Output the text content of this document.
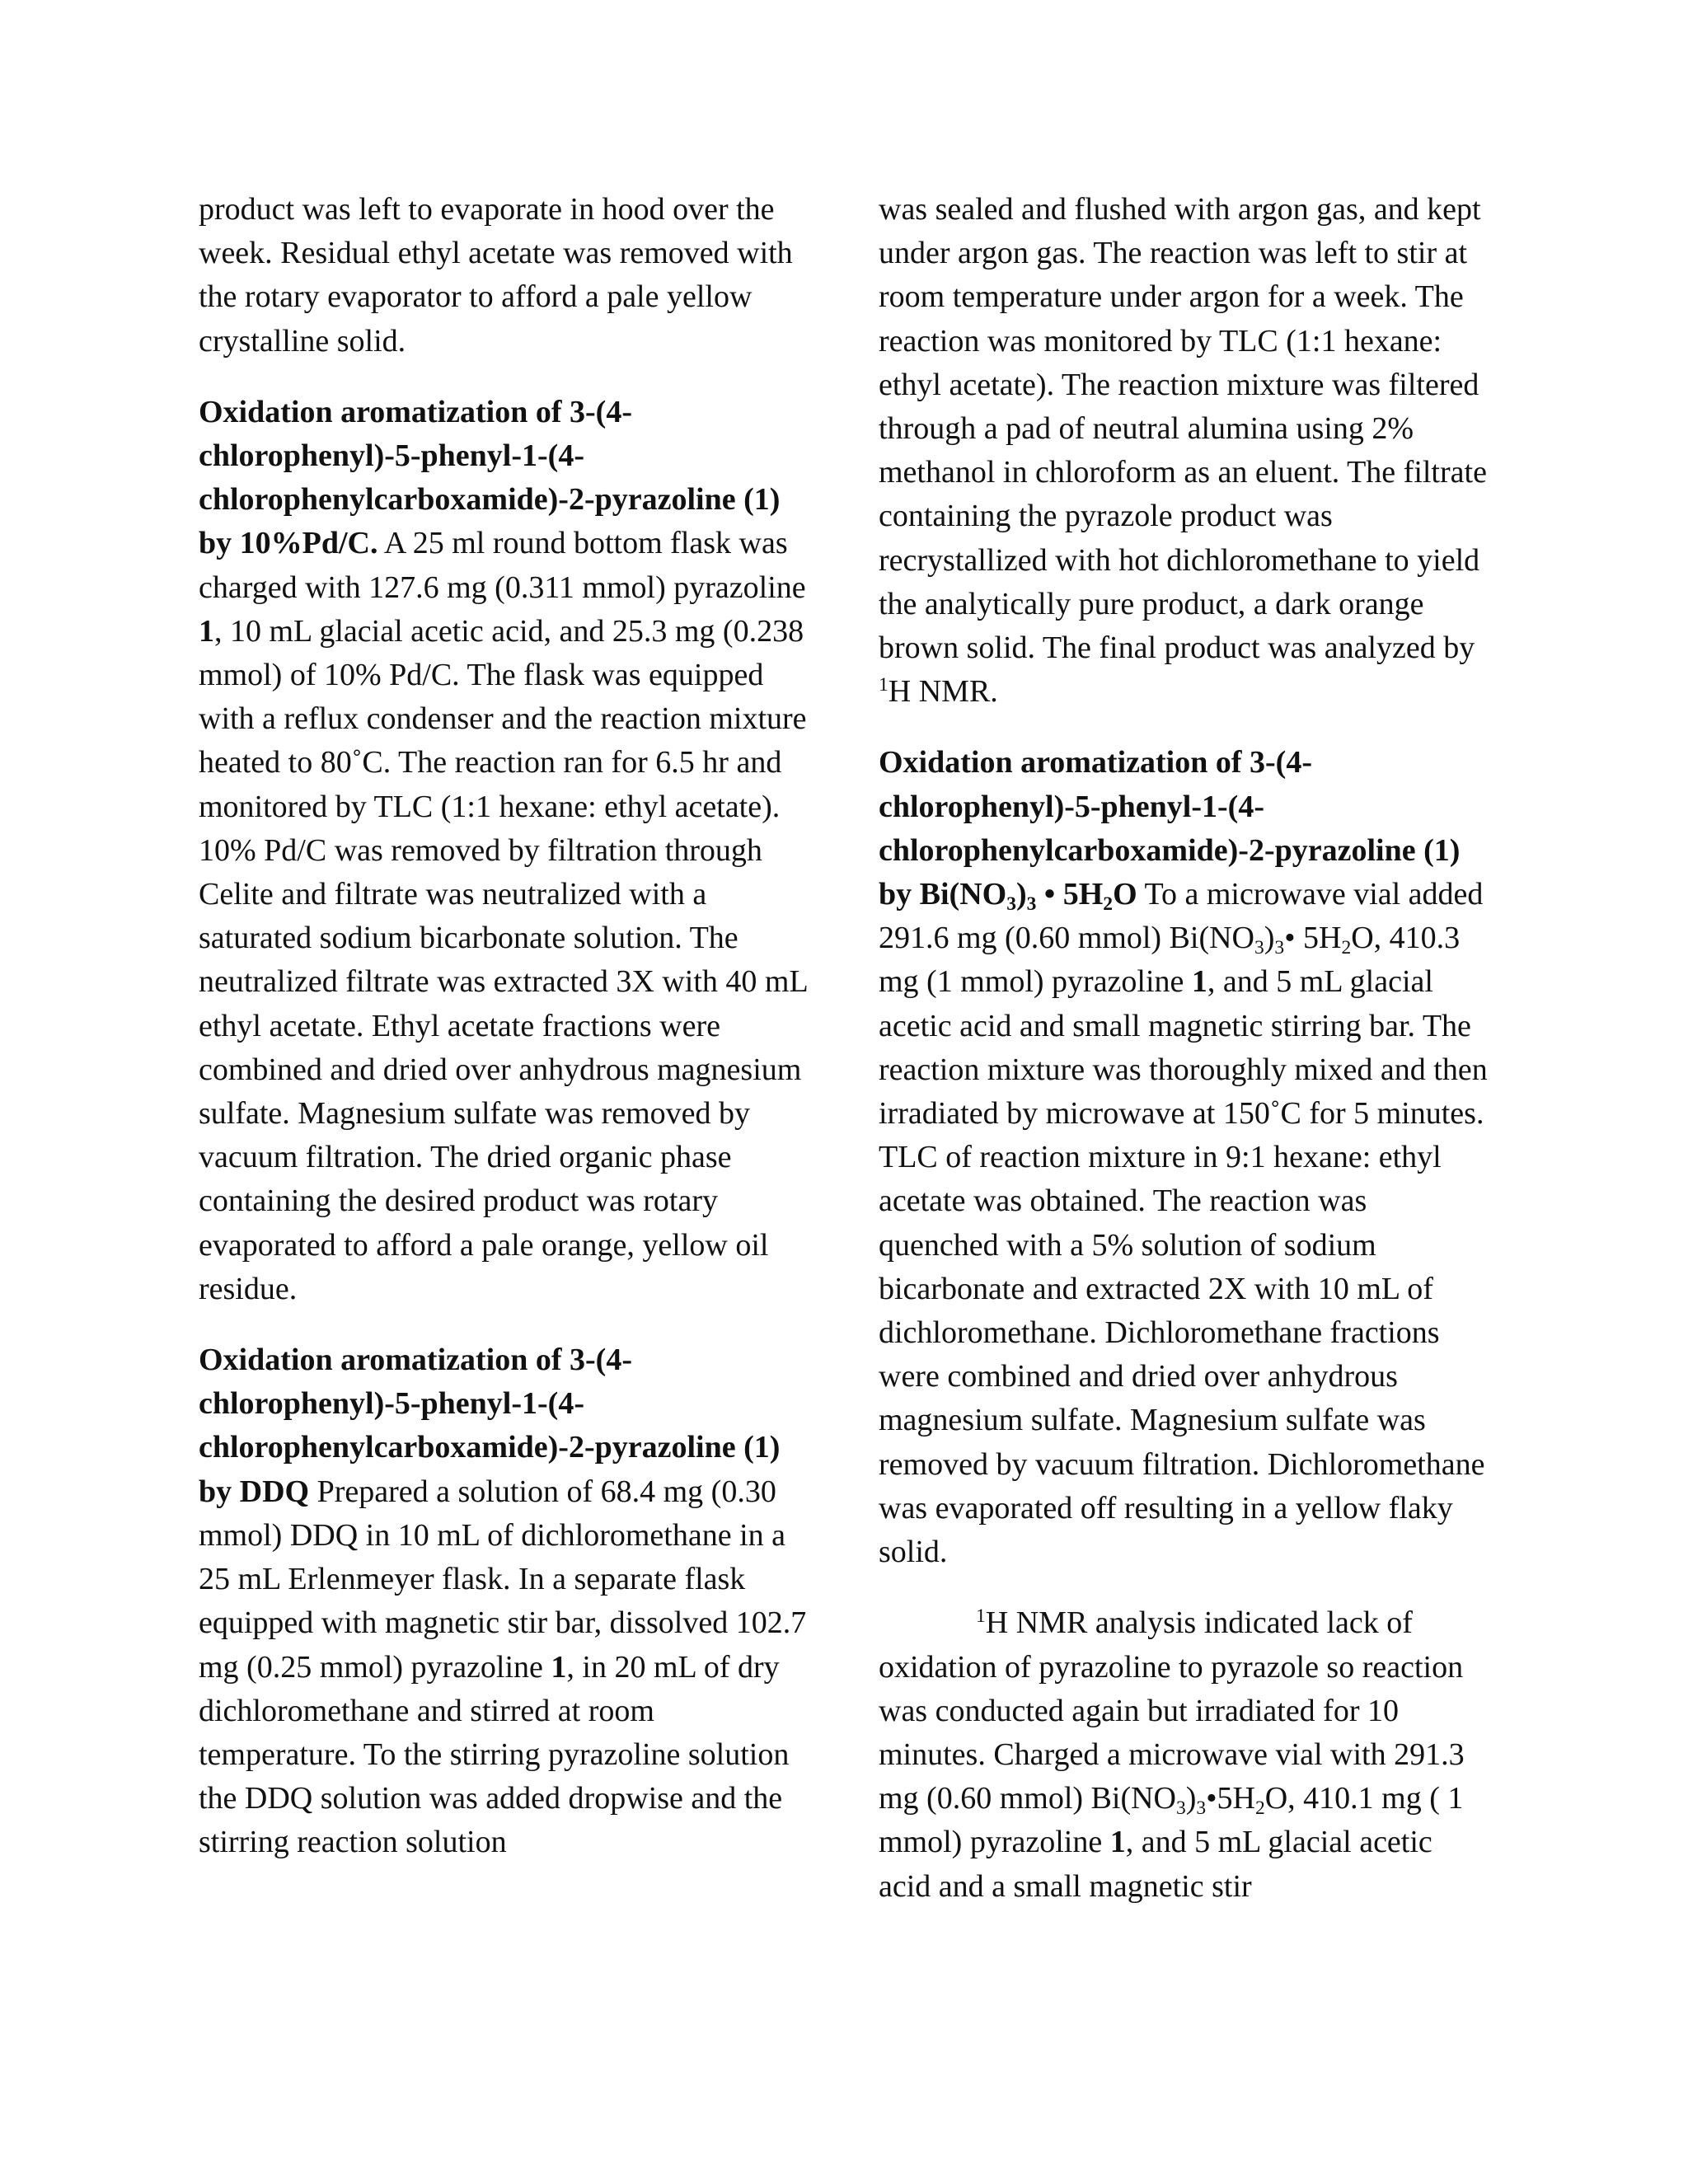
product was left to evaporate in hood over the week. Residual ethyl acetate was removed with the rotary evaporator to afford a pale yellow crystalline solid.

Oxidation aromatization of 3-(4-chlorophenyl)-5-phenyl-1-(4-chlorophenylcarboxamide)-2-pyrazoline (1) by 10%Pd/C. A 25 ml round bottom flask was charged with 127.6 mg (0.311 mmol) pyrazoline 1, 10 mL glacial acetic acid, and 25.3 mg (0.238 mmol) of 10% Pd/C. The flask was equipped with a reflux condenser and the reaction mixture heated to 80˚C. The reaction ran for 6.5 hr and monitored by TLC (1:1 hexane: ethyl acetate). 10% Pd/C was removed by filtration through Celite and filtrate was neutralized with a saturated sodium bicarbonate solution. The neutralized filtrate was extracted 3X with 40 mL ethyl acetate. Ethyl acetate fractions were combined and dried over anhydrous magnesium sulfate. Magnesium sulfate was removed by vacuum filtration. The dried organic phase containing the desired product was rotary evaporated to afford a pale orange, yellow oil residue.

Oxidation aromatization of 3-(4-chlorophenyl)-5-phenyl-1-(4-chlorophenylcarboxamide)-2-pyrazoline (1) by DDQ Prepared a solution of 68.4 mg (0.30 mmol) DDQ in 10 mL of dichloromethane in a 25 mL Erlenmeyer flask. In a separate flask equipped with magnetic stir bar, dissolved 102.7 mg (0.25 mmol) pyrazoline 1, in 20 mL of dry dichloromethane and stirred at room temperature. To the stirring pyrazoline solution the DDQ solution was added dropwise and the stirring reaction solution

was sealed and flushed with argon gas, and kept under argon gas. The reaction was left to stir at room temperature under argon for a week. The reaction was monitored by TLC (1:1 hexane: ethyl acetate). The reaction mixture was filtered through a pad of neutral alumina using 2% methanol in chloroform as an eluent. The filtrate containing the pyrazole product was recrystallized with hot dichloromethane to yield the analytically pure product, a dark orange brown solid. The final product was analyzed by $^1$H NMR.

Oxidation aromatization of 3-(4-chlorophenyl)-5-phenyl-1-(4-chlorophenylcarboxamide)-2-pyrazoline (1) by $Bi(NO_3)_3$ • $5H_2O$ To a microwave vial added 291.6 mg (0.60 mmol) $Bi(NO_3)_3•$ $5H_2O$, 410.3 mg (1 mmol) pyrazoline 1, and 5 mL glacial acetic acid and small magnetic stirring bar. The reaction mixture was thoroughly mixed and then irradiated by microwave at 150˚C for 5 minutes. TLC of reaction mixture in 9:1 hexane: ethyl acetate was obtained. The reaction was quenched with a 5% solution of sodium bicarbonate and extracted 2X with 10 mL of dichloromethane. Dichloromethane fractions were combined and dried over anhydrous magnesium sulfate. Magnesium sulfate was removed by vacuum filtration. Dichloromethane was evaporated off resulting in a yellow flaky solid.

$^1$H NMR analysis indicated lack of oxidation of pyrazoline to pyrazole so reaction was conducted again but irradiated for 10 minutes. Charged a microwave vial with 291.3 mg (0.60 mmol) $Bi(NO_3)_3•5H_2O$, 410.1 mg ( 1 mmol) pyrazoline 1, and 5 mL glacial acetic acid and a small magnetic stir
